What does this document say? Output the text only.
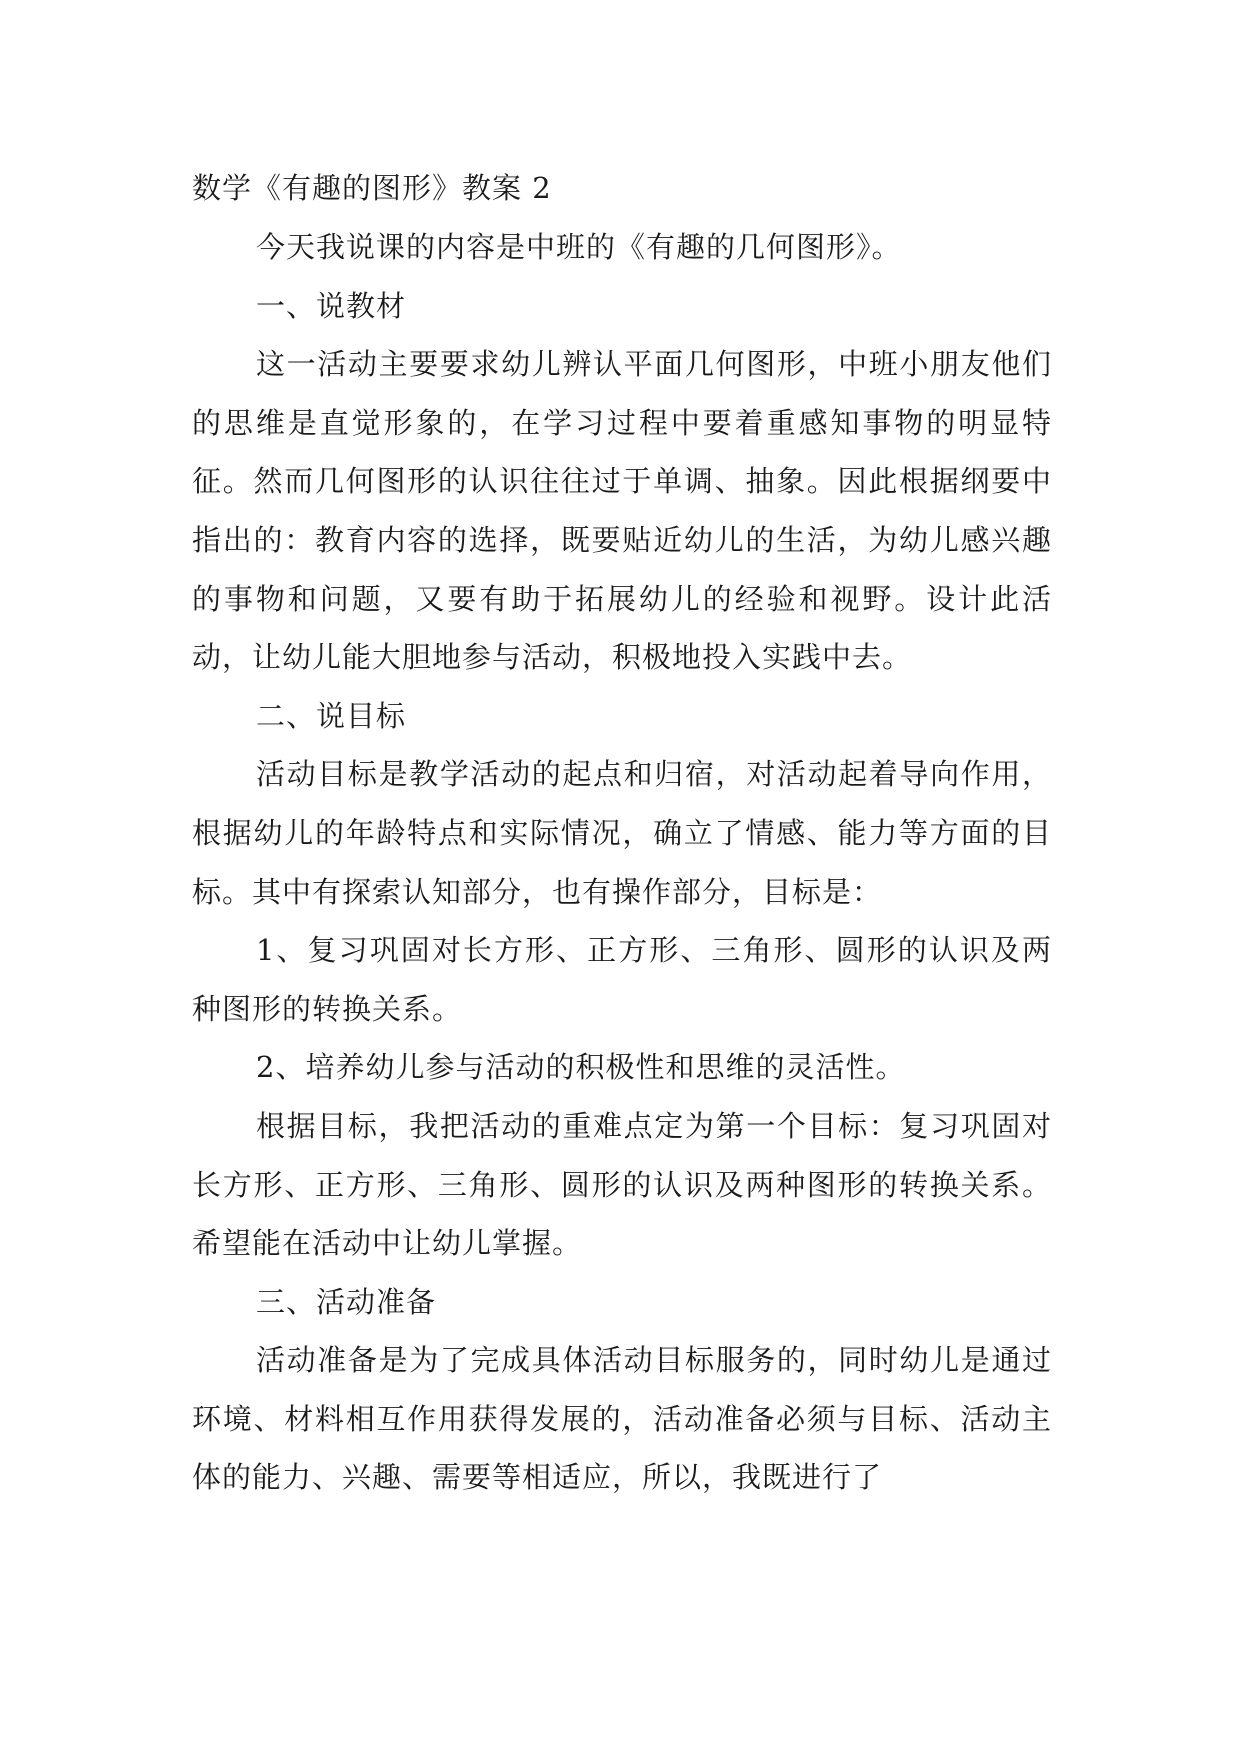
数学《有趣的图形》教案 2

今天我说课的内容是中班的《有趣的几何图形》。

一、说教材

这一活动主要要求幼儿辨认平面几何图形，中班小朋友他们的思维是直觉形象的，在学习过程中要着重感知事物的明显特征。然而几何图形的认识往往过于单调、抽象。因此根据纲要中指出的：教育内容的选择，既要贴近幼儿的生活，为幼儿感兴趣的事物和问题，又要有助于拓展幼儿的经验和视野。设计此活动，让幼儿能大胆地参与活动，积极地投入实践中去。

二、说目标

活动目标是教学活动的起点和归宿，对活动起着导向作用，根据幼儿的年龄特点和实际情况，确立了情感、能力等方面的目标。其中有探索认知部分，也有操作部分，目标是：

1、复习巩固对长方形、正方形、三角形、圆形的认识及两种图形的转换关系。

2、培养幼儿参与活动的积极性和思维的灵活性。

根据目标，我把活动的重难点定为第一个目标：复习巩固对长方形、正方形、三角形、圆形的认识及两种图形的转换关系。希望能在活动中让幼儿掌握。

三、活动准备

活动准备是为了完成具体活动目标服务的，同时幼儿是通过环境、材料相互作用获得发展的，活动准备必须与目标、活动主体的能力、兴趣、需要等相适应，所以，我既进行了
